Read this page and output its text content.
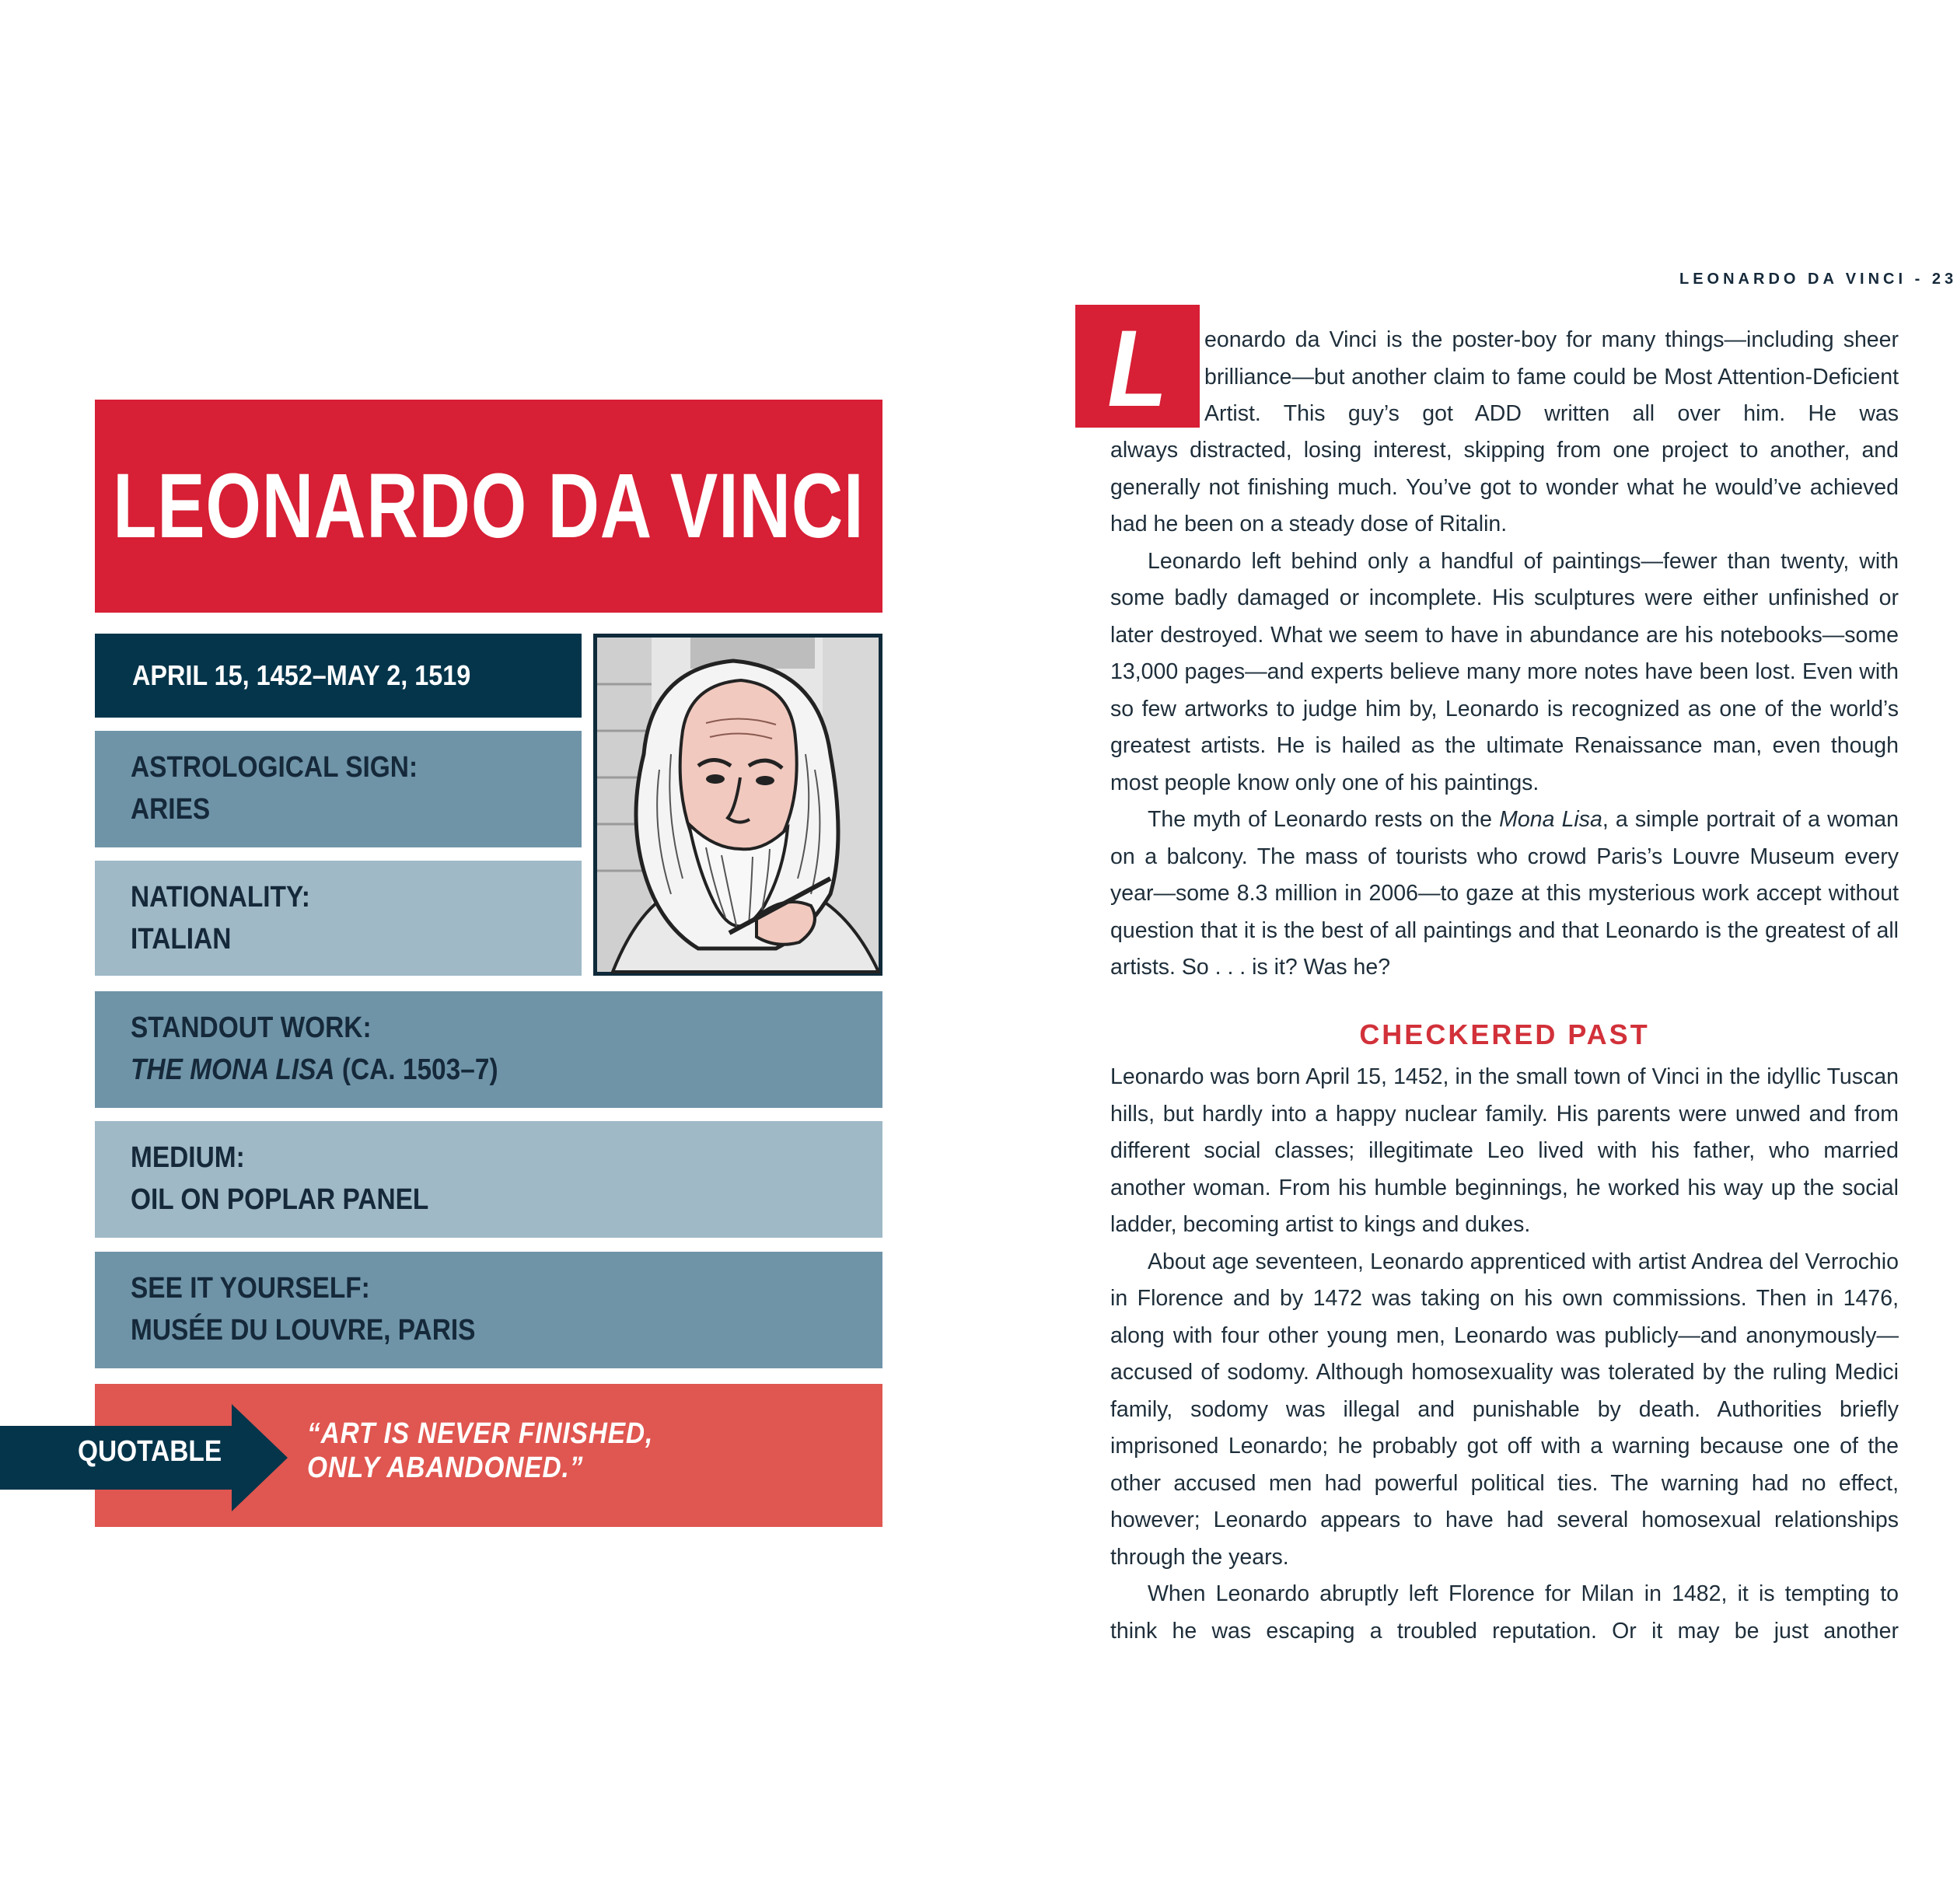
LEONARDO DA VINCI
APRIL 15, 1452–MAY 2, 1519
ASTROLOGICAL SIGN:
ARIES
NATIONALITY:
ITALIAN
STANDOUT WORK:
THE MONA LISA (CA. 1503–7)
MEDIUM:
OIL ON POPLAR PANEL
SEE IT YOURSELF:
MUSÉE DU LOUVRE, PARIS
QUOTABLE
“ART IS NEVER FINISHED,
ONLY ABANDONED.”
LEONARDO DA VINCI - 23
L eonardo da Vinci is the poster-boy for many things—including sheer brilliance—but another claim to fame could be Most Attention-Deficient Artist. This guy’s got ADD written all over him. He was

always distracted, losing interest, skipping from one project to another, and generally not finishing much. You’ve got to wonder what he would’ve achieved had he been on a steady dose of Ritalin.

Leonardo left behind only a handful of paintings—fewer than twenty, with some badly damaged or incomplete. His sculptures were either unfinished or later destroyed. What we seem to have in abundance are his notebooks—some 13,000 pages—and experts believe many more notes have been lost. Even with so few artworks to judge him by, Leonardo is recognized as one of the world’s greatest artists. He is hailed as the ultimate Renaissance man, even though most people know only one of his paintings.

The myth of Leonardo rests on the Mona Lisa, a simple portrait of a woman on a balcony. The mass of tourists who crowd Paris’s Louvre Museum every year—some 8.3 million in 2006—to gaze at this mysterious work accept without question that it is the best of all paintings and that Leonardo is the greatest of all artists. So . . . is it? Was he?

CHECKERED PAST

Leonardo was born April 15, 1452, in the small town of Vinci in the idyllic Tuscan hills, but hardly into a happy nuclear family. His parents were unwed and from different social classes; illegitimate Leo lived with his father, who married another woman. From his humble beginnings, he worked his way up the social ladder, becoming artist to kings and dukes.

About age seventeen, Leonardo apprenticed with artist Andrea del Verrochio in Florence and by 1472 was taking on his own commissions. Then in 1476, along with four other young men, Leonardo was publicly—and anonymously—accused of sodomy. Although homosexuality was tolerated by the ruling Medici family, sodomy was illegal and punishable by death. Authorities briefly imprisoned Leonardo; he probably got off with a warning because one of the other accused men had powerful political ties. The warning had no effect, however; Leonardo appears to have had several homosexual relationships through the years.

When Leonardo abruptly left Florence for Milan in 1482, it is tempting to think he was escaping a troubled reputation. Or it may be just another
